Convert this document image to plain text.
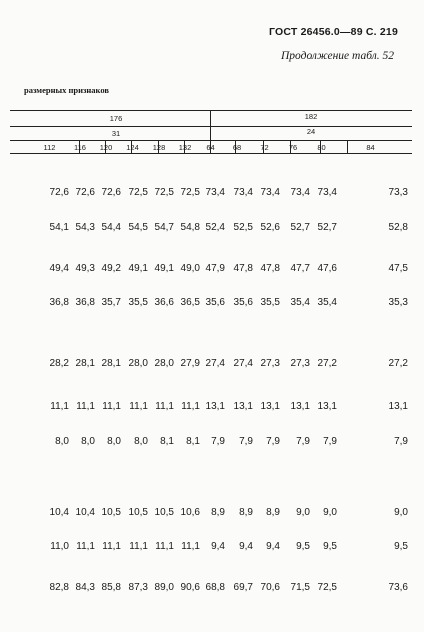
ГОСТ 26456.0—89 С. 219
Продолжение табл. 52
размерных признаков
176	182
31	24
112	116	120	124	128	132	64	68	72	76	80	84
72,6 72,6 72,6 72,5 72,5 72,5 73,4 73,4 73,4	73,4 73,4	73,3
54,1 54,3 54,4 54,5 54,7 54,8 52,4 52,5 52,6	52,7 52,7	52,8
49,4 49,3 49,2 49,1 49,1 49,0 47,9 47,8 47,8	47,7 47,6	47,5
36,8 36,8 35,7 35,5 36,6 36,5 35,6 35,6 35,5	35,4 35,4	35,3
28,2 28,1 28,1 28,0 28,0 27,9 27,4 27,4 27,3	27,3 27,2	27,2
11,1 11,1 11,1 11,1 11,1 11,1 13,1 13,1 13,1	13,1 13,1	13,1
8,0	8,0	8,0	8,0	8,1	8,1	7,9	7,9	7,9	7,9	7,9	7,9
10,4 10,4 10,5 10,5 10,5 10,6	8,9	8,9	8,9	9,0	9,0	9,0
11,0 11,1 11,1 11,1 11,1 11,1	9,4	9,4	9,4	9,5	9,5	9,5
82,8 84,3 85,8 87,3 89,0 90,6 68,8 69,7 70,6	71,5 72,5	73,6
